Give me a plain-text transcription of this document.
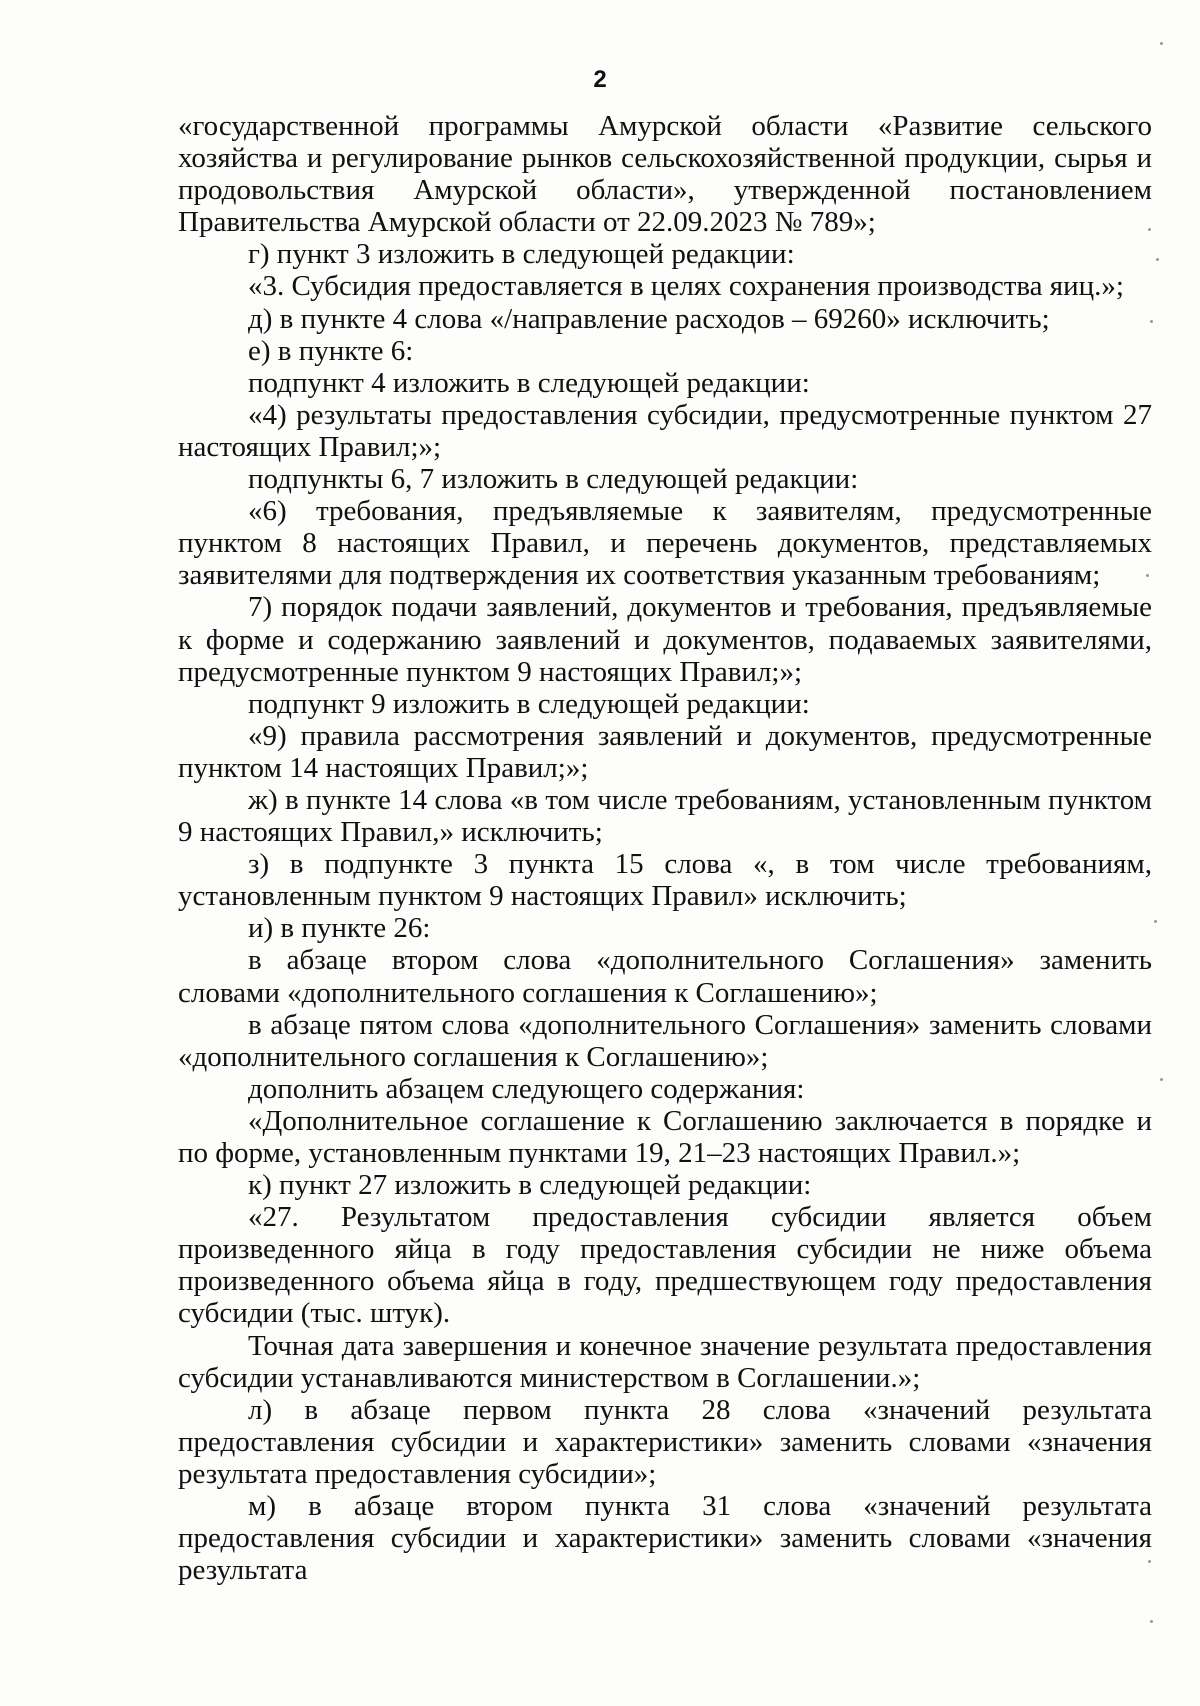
2

«государственной программы Амурской области «Развитие сельского хозяйства и регулирование рынков сельскохозяйственной продукции, сырья и продовольствия Амурской области», утвержденной постановлением Правительства Амурской области от 22.09.2023 № 789»;

г) пункт 3 изложить в следующей редакции:

«3. Субсидия предоставляется в целях сохранения производства яиц.»;

д) в пункте 4 слова «/направление расходов – 69260» исключить;

е) в пункте 6:

подпункт 4 изложить в следующей редакции:

«4) результаты предоставления субсидии, предусмотренные пунктом 27 настоящих Правил;»;

подпункты 6, 7 изложить в следующей редакции:

«6) требования, предъявляемые к заявителям, предусмотренные пунктом 8 настоящих Правил, и перечень документов, представляемых заявителями для подтверждения их соответствия указанным требованиям;

7) порядок подачи заявлений, документов и требования, предъявляемые к форме и содержанию заявлений и документов, подаваемых заявителями, предусмотренные пунктом 9 настоящих Правил;»;

подпункт 9 изложить в следующей редакции:

«9) правила рассмотрения заявлений и документов, предусмотренные пунктом 14 настоящих Правил;»;

ж) в пункте 14 слова «в том числе требованиям, установленным пунктом 9 настоящих Правил,» исключить;

з) в подпункте 3 пункта 15 слова «, в том числе требованиям, установленным пунктом 9 настоящих Правил» исключить;

и) в пункте 26:

в абзаце втором слова «дополнительного Соглашения» заменить словами «дополнительного соглашения к Соглашению»;

в абзаце пятом слова «дополнительного Соглашения» заменить словами «дополнительного соглашения к Соглашению»;

дополнить абзацем следующего содержания:

«Дополнительное соглашение к Соглашению заключается в порядке и по форме, установленным пунктами 19, 21–23 настоящих Правил.»;

к) пункт 27 изложить в следующей редакции:

«27. Результатом предоставления субсидии является объем произведенного яйца в году предоставления субсидии не ниже объема произведенного объема яйца в году, предшествующем году предоставления субсидии (тыс. штук).

Точная дата завершения и конечное значение результата предоставления субсидии устанавливаются министерством в Соглашении.»;

л) в абзаце первом пункта 28 слова «значений результата предоставления субсидии и характеристики» заменить словами «значения результата предоставления субсидии»;

м) в абзаце втором пункта 31 слова «значений результата предоставления субсидии и характеристики» заменить словами «значения результата
